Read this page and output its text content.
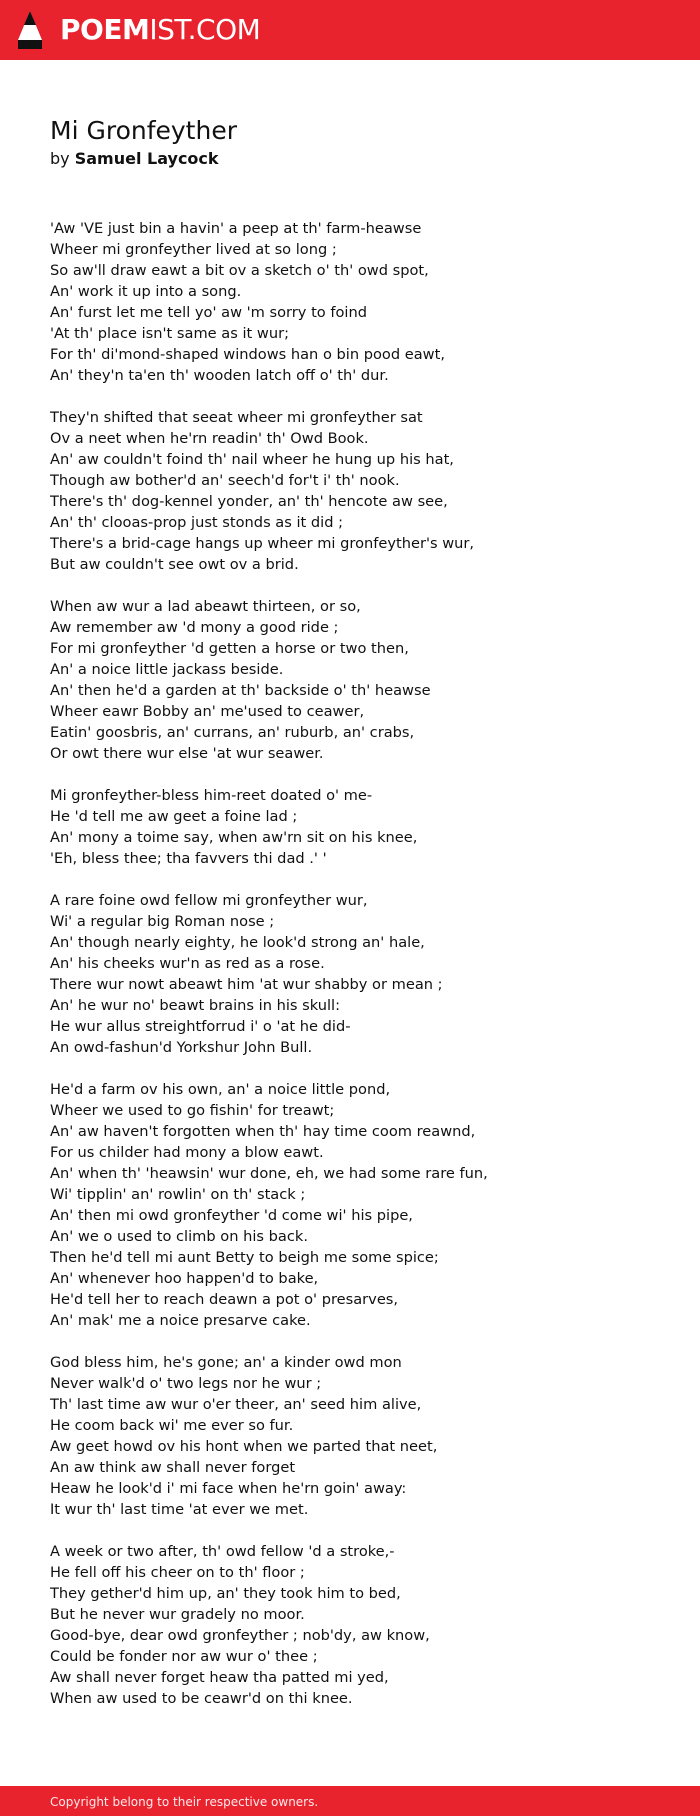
POEMIST.COM
Mi Gronfeyther
by Samuel Laycock
'Aw 'VE just bin a havin' a peep at th' farm-heawse
Wheer mi gronfeyther lived at so long ;
So aw'll draw eawt a bit ov a sketch o' th' owd spot,
An' work it up into a song.
An' furst let me tell yo' aw 'm sorry to foind
'At th' place isn't same as it wur;
For th' di'mond-shaped windows han o bin pood eawt,
An' they'n ta'en th' wooden latch off o' th' dur.
They'n shifted that seeat wheer mi gronfeyther sat
Ov a neet when he'rn readin' th' Owd Book.
An' aw couldn't foind th' nail wheer he hung up his hat,
Though aw bother'd an' seech'd for't i' th' nook.
There's th' dog-kennel yonder, an' th' hencote aw see,
An' th' clooas-prop just stonds as it did ;
There's a brid-cage hangs up wheer mi gronfeyther's wur,
But aw couldn't see owt ov a brid.
When aw wur a lad abeawt thirteen, or so,
Aw remember aw 'd mony a good ride ;
For mi gronfeyther 'd getten a horse or two then,
An' a noice little jackass beside.
An' then he'd a garden at th' backside o' th' heawse
Wheer eawr Bobby an' me'used to ceawer,
Eatin' goosbris, an' currans, an' ruburb, an' crabs,
Or owt there wur else 'at wur seawer.
Mi gronfeyther-bless him-reet doated o' me-
He 'd tell me aw geet a foine lad ;
An' mony a toime say, when aw'rn sit on his knee,
'Eh, bless thee; tha favvers thi dad .' '
A rare foine owd fellow mi gronfeyther wur,
Wi' a regular big Roman nose ;
An' though nearly eighty, he look'd strong an' hale,
An' his cheeks wur'n as red as a rose.
There wur nowt abeawt him 'at wur shabby or mean ;
An' he wur no' beawt brains in his skull:
He wur allus streightforrud i' o 'at he did-
An owd-fashun'd Yorkshur John Bull.
He'd a farm ov his own, an' a noice little pond,
Wheer we used to go fishin' for treawt;
An' aw haven't forgotten when th' hay time coom reawnd,
For us childer had mony a blow eawt.
An' when th' 'heawsin' wur done, eh, we had some rare fun,
Wi' tipplin' an' rowlin' on th' stack ;
An' then mi owd gronfeyther 'd come wi' his pipe,
An' we o used to climb on his back.
Then he'd tell mi aunt Betty to beigh me some spice;
An' whenever hoo happen'd to bake,
He'd tell her to reach deawn a pot o' presarves,
An' mak' me a noice presarve cake.
God bless him, he's gone; an' a kinder owd mon
Never walk'd o' two legs nor he wur ;
Th' last time aw wur o'er theer, an' seed him alive,
He coom back wi' me ever so fur.
Aw geet howd ov his hont when we parted that neet,
An aw think aw shall never forget
Heaw he look'd i' mi face when he'rn goin' away:
It wur th' last time 'at ever we met.
A week or two after, th' owd fellow 'd a stroke,-
He fell off his cheer on to th' floor ;
They gether'd him up, an' they took him to bed,
But he never wur gradely no moor.
Good-bye, dear owd gronfeyther ; nob'dy, aw know,
Could be fonder nor aw wur o' thee ;
Aw shall never forget heaw tha patted mi yed,
When aw used to be ceawr'd on thi knee.
Copyright belong to their respective owners.
